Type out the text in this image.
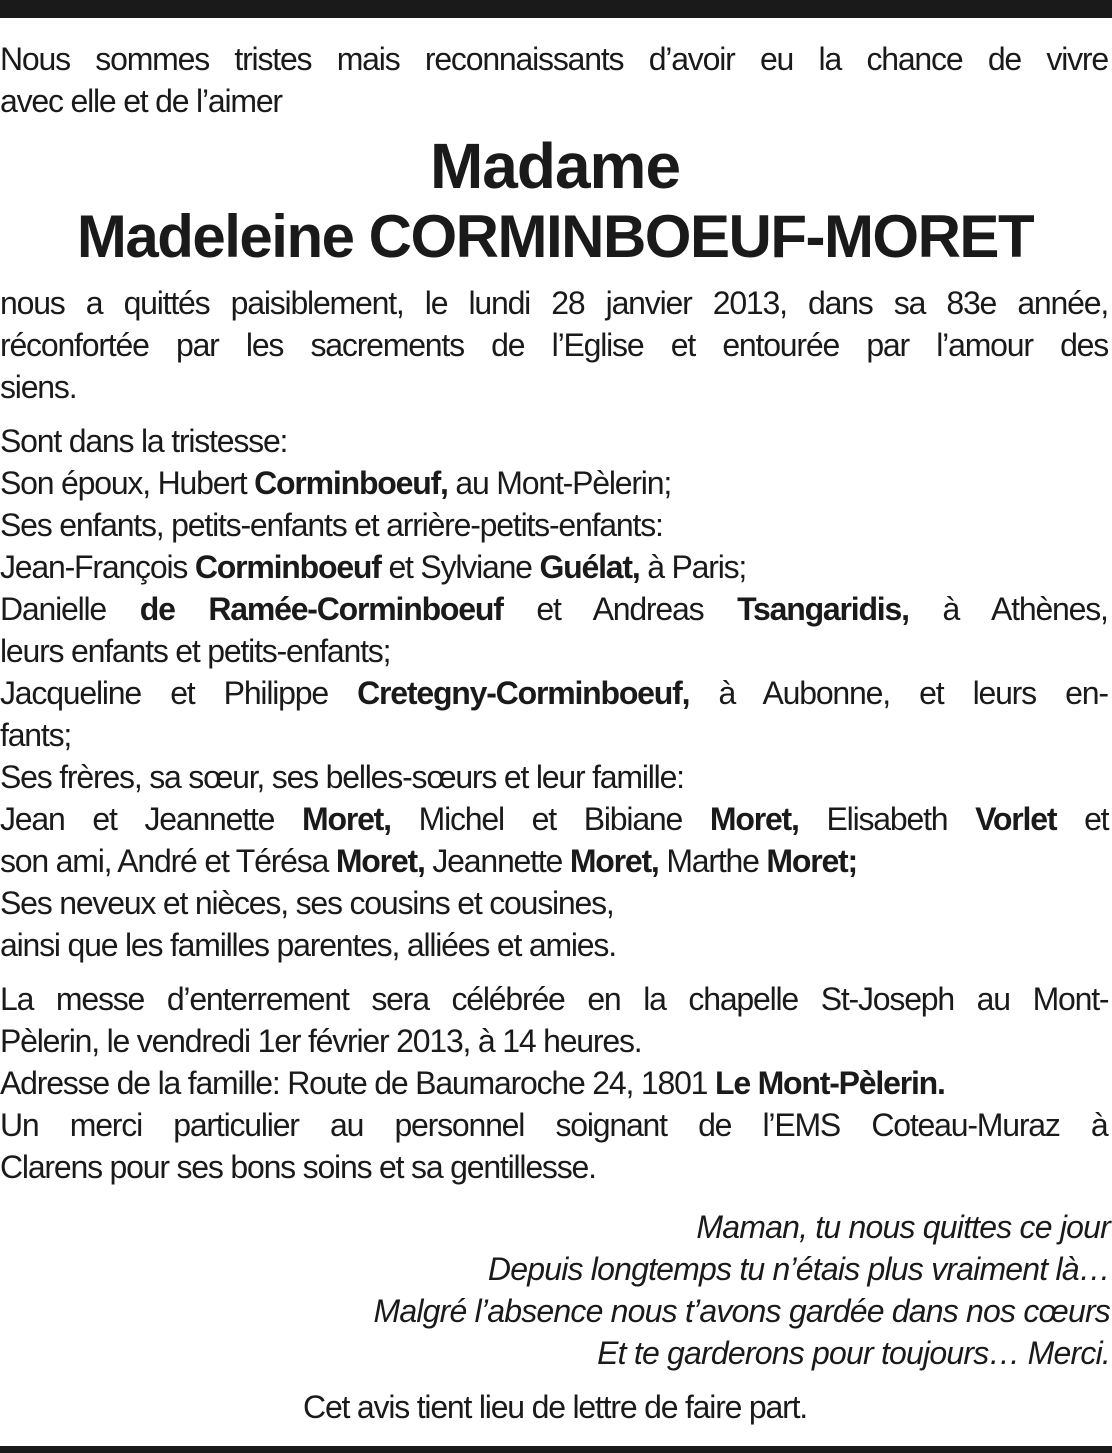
Nous sommes tristes mais reconnaissants d’avoir eu la chance de vivre
avec elle et de l’aimer
Madame
Madeleine CORMINBOEUF-MORET
nous a quittés paisiblement, le lundi 28 janvier 2013, dans sa 83e année,
réconfortée par les sacrements de l’Eglise et entourée par l’amour des
siens.
Sont dans la tristesse:
Son époux, Hubert Corminboeuf, au Mont-Pèlerin;
Ses enfants, petits-enfants et arrière-petits-enfants:
Jean-François Corminboeuf et Sylviane Guélat, à Paris;
Danielle de Ramée-Corminboeuf et Andreas Tsangaridis, à Athènes,
leurs enfants et petits-enfants;
Jacqueline et Philippe Cretegny-Corminboeuf, à Aubonne, et leurs en-
fants;
Ses frères, sa sœur, ses belles-sœurs et leur famille:
Jean et Jeannette Moret, Michel et Bibiane Moret, Elisabeth Vorlet et
son ami, André et Térésa Moret, Jeannette Moret, Marthe Moret;
Ses neveux et nièces, ses cousins et cousines,
ainsi que les familles parentes, alliées et amies.
La messe d’enterrement sera célébrée en la chapelle St-Joseph au Mont-
Pèlerin, le vendredi 1er février 2013, à 14 heures.
Adresse de la famille: Route de Baumaroche 24, 1801 Le Mont-Pèlerin.
Un merci particulier au personnel soignant de l’EMS Coteau-Muraz à
Clarens pour ses bons soins et sa gentillesse.
Maman, tu nous quittes ce jour
Depuis longtemps tu n’étais plus vraiment là…
Malgré l’absence nous t’avons gardée dans nos cœurs
Et te garderons pour toujours… Merci.
Cet avis tient lieu de lettre de faire part.
